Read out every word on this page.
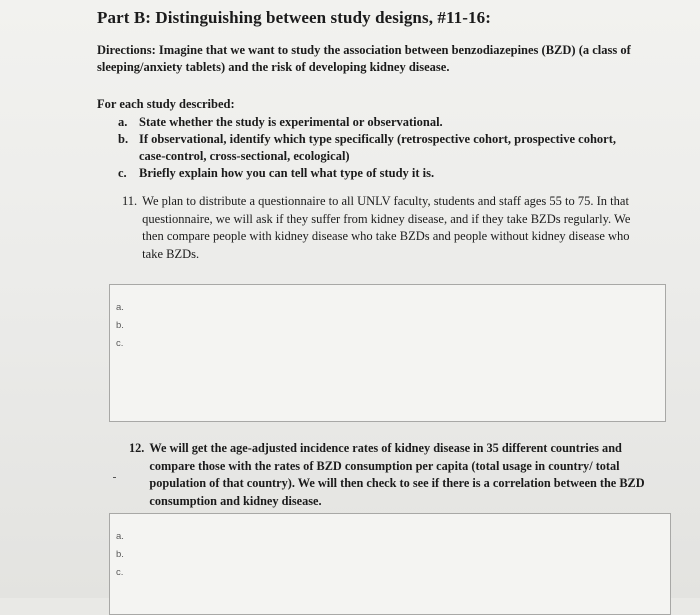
Part B: Distinguishing between study designs, #11-16:
Directions: Imagine that we want to study the association between benzodiazepines (BZD) (a class of sleeping/anxiety tablets) and the risk of developing kidney disease.
For each study described:
a. State whether the study is experimental or observational.
b. If observational, identify which type specifically (retrospective cohort, prospective cohort, case-control, cross-sectional, ecological)
c. Briefly explain how you can tell what type of study it is.
11. We plan to distribute a questionnaire to all UNLV faculty, students and staff ages 55 to 75. In that questionnaire, we will ask if they suffer from kidney disease, and if they take BZDs regularly. We then compare people with kidney disease who take BZDs and people without kidney disease who take BZDs.
a.
b.
c.
12. We will get the age-adjusted incidence rates of kidney disease in 35 different countries and compare those with the rates of BZD consumption per capita (total usage in country/ total population of that country). We will then check to see if there is a correlation between the BZD consumption and kidney disease.
a.
b.
c.
